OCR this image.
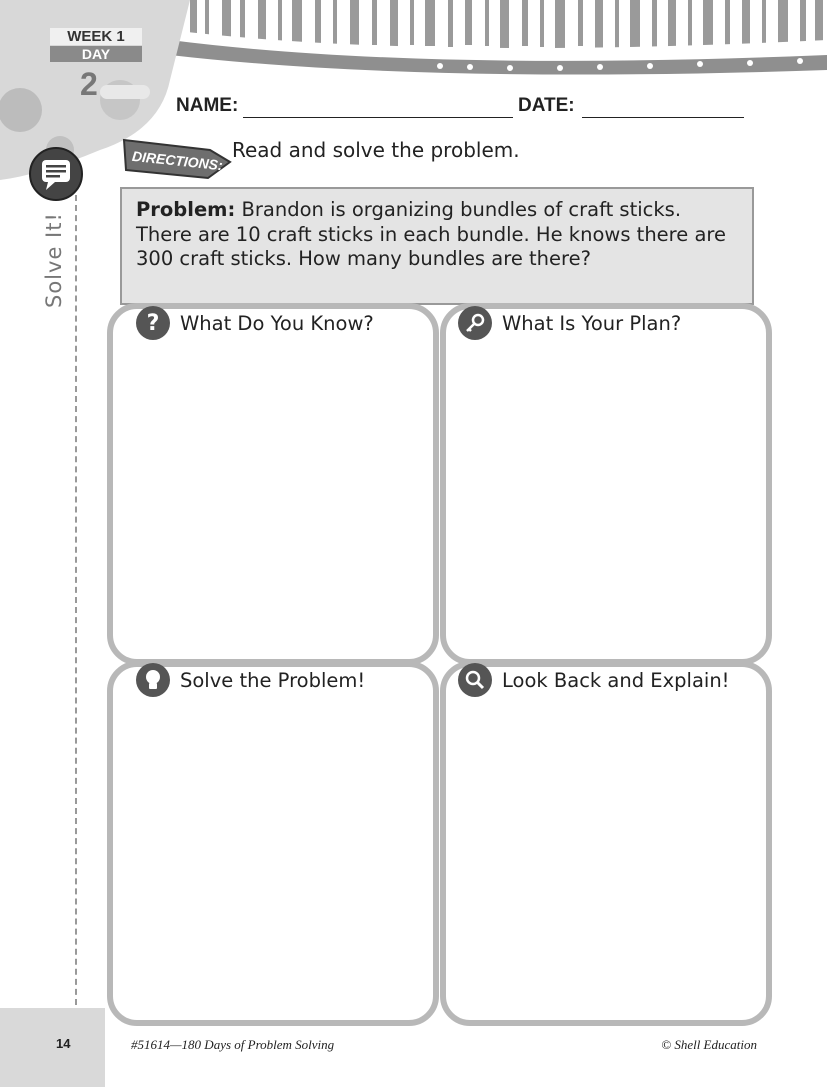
WEEK 1
DAY
2
NAME:	DATE:
DIRECTIONS: Read and solve the problem.
Solve It!
Problem: Brandon is organizing bundles of craft sticks. There are 10 craft sticks in each bundle. He knows there are 300 craft sticks. How many bundles are there?
?	What Do You Know?	What Is Your Plan?
Solve the Problem!	Look Back and Explain!
14	#51614—180 Days of Problem Solving	© Shell Education
